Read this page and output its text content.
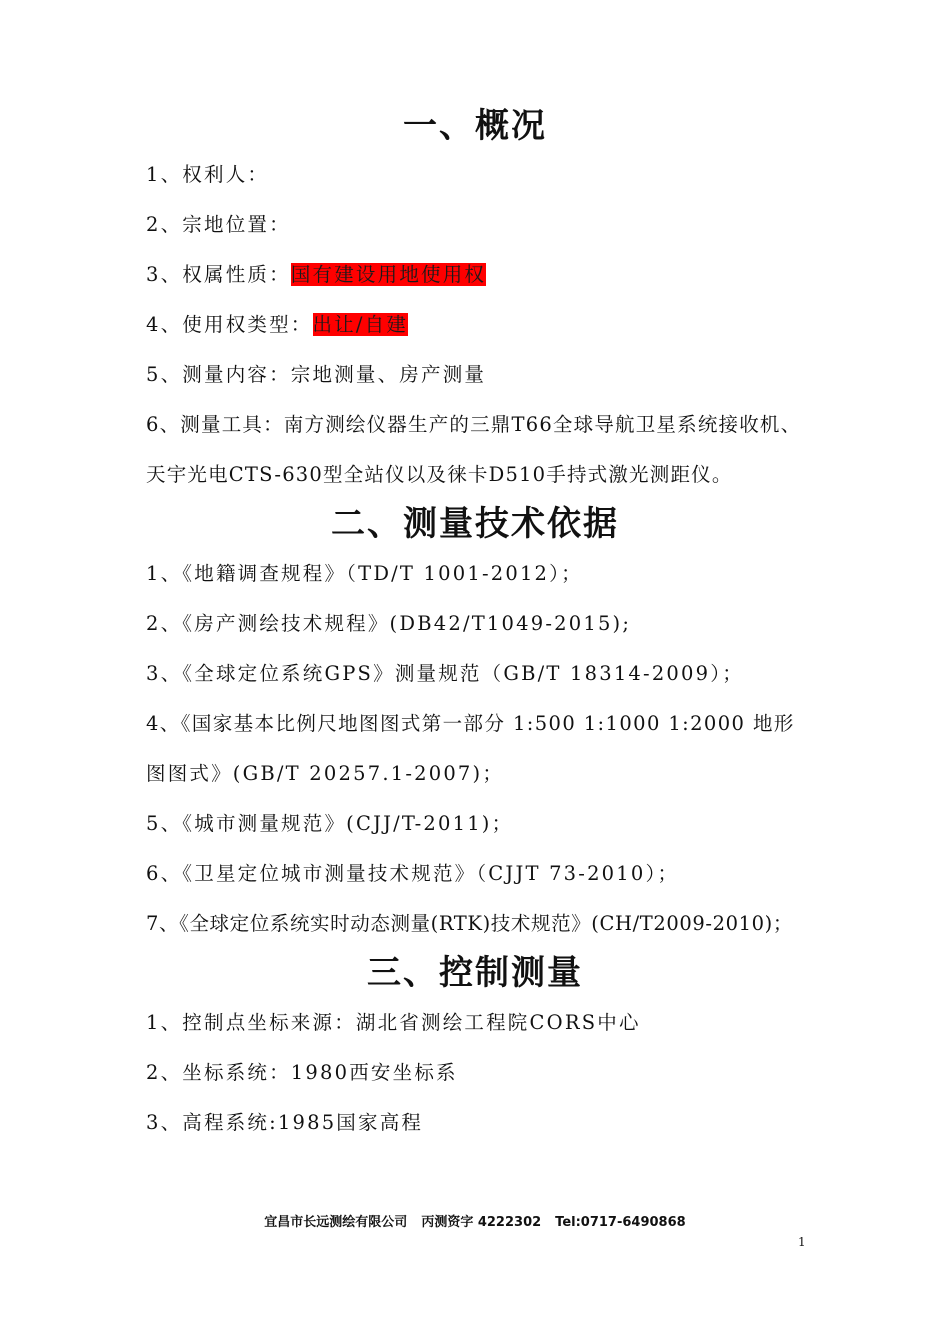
一、概况
1、权利人：
2、宗地位置：
3、权属性质：国有建设用地使用权
4、使用权类型：出让/自建
5、测量内容：宗地测量、房产测量
6、测量工具：南方测绘仪器生产的三鼎T66全球导航卫星系统接收机、
天宇光电CTS-630型全站仪以及徕卡D510手持式激光测距仪。
二、测量技术依据
1、《地籍调查规程》（TD/T 1001-2012）；
2、《房产测绘技术规程》(DB42/T1049-2015);
3、《全球定位系统GPS》测量规范（GB/T 18314-2009）；
4、《国家基本比例尺地图图式第一部分 1:500 1:1000 1:2000 地形
图图式》(GB/T 20257.1-2007)；
5、《城市测量规范》(CJJ/T-2011)；
6、《卫星定位城市测量技术规范》（CJJT 73-2010）；
7、《全球定位系统实时动态测量(RTK)技术规范》(CH/T2009-2010)；
三、控制测量
1、控制点坐标来源：湖北省测绘工程院CORS中心
2、坐标系统：1980西安坐标系
3、高程系统:1985国家高程
宜昌市长远测绘有限公司 丙测资字 4222302 Tel:0717-6490868
1
